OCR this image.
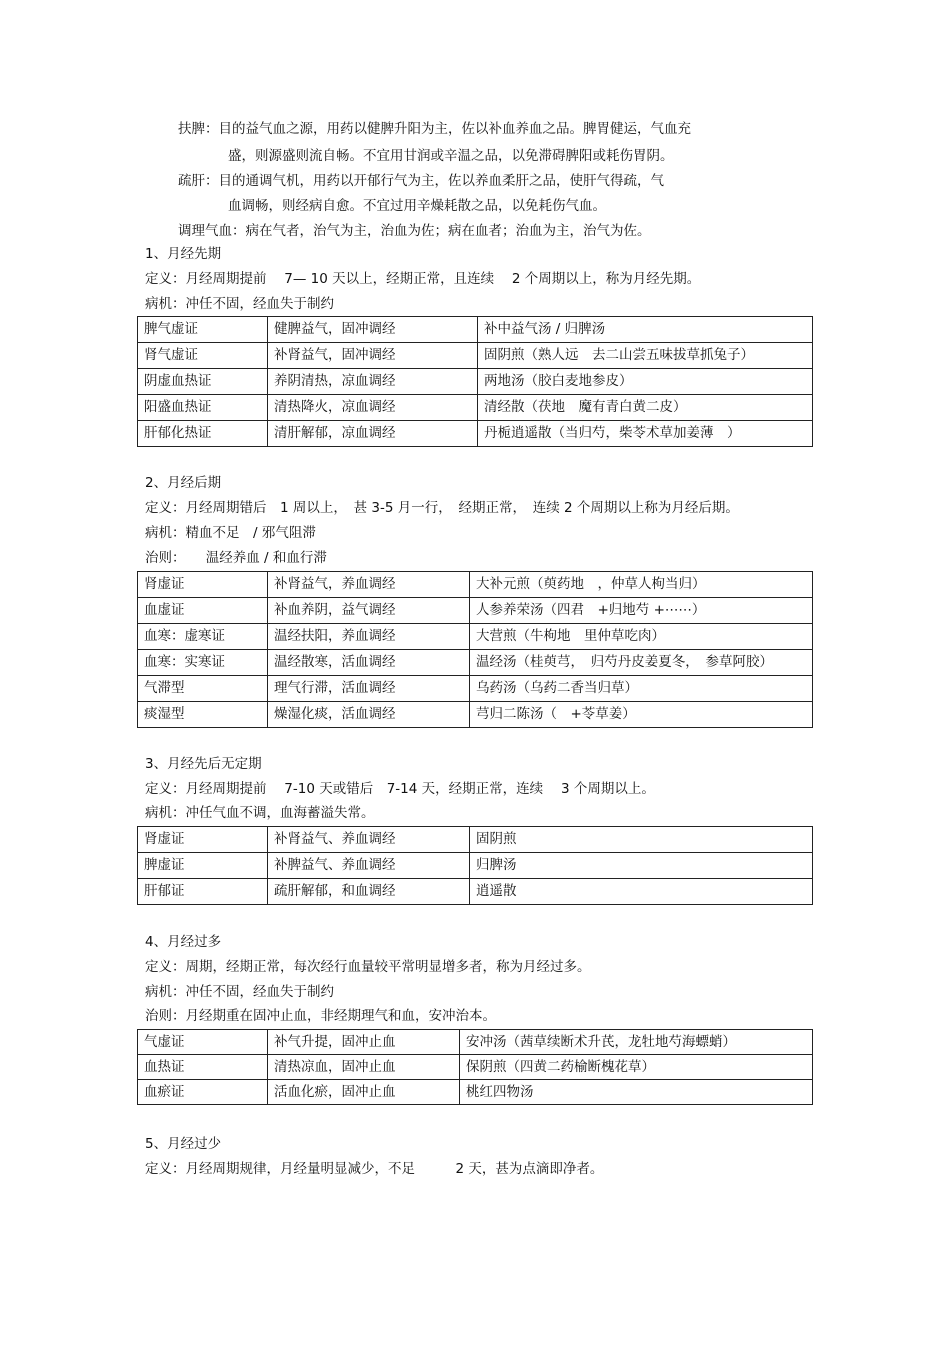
扶脾：目的益气血之源，用药以健脾升阳为主，佐以补血养血之品。脾胃健运，气血充
盛，则源盛则流自畅。不宜用甘润或辛温之品，以免滞碍脾阳或耗伤胃阴。
疏肝：目的通调气机，用药以开郁行气为主，佐以养血柔肝之品，使肝气得疏，气
血调畅，则经病自愈。不宜过用辛燥耗散之品，以免耗伤气血。
调理气血：病在气者，治气为主，治血为佐；病在血者；治血为主，治气为佐。
1、月经先期
定义：月经周期提前　 7— 10 天以上，经期正常，且连续　 2 个周期以上，称为月经先期。
病机：冲任不固，经血失于制约
脾气虚证	健脾益气，固冲调经	补中益气汤 / 归脾汤
肾气虚证	补肾益气，固冲调经	固阴煎（熟人远　去二山尝五味拔草抓兔子）
阴虚血热证	养阴清热，凉血调经	两地汤（胶白麦地参皮）
阳盛血热证	清热降火，凉血调经	清经散（茯地　魔有青白黄二皮）
肝郁化热证	清肝解郁，凉血调经	丹栀逍遥散（当归芍，柴苓术草加姜薄　）
2、月经后期
定义：月经周期错后　1 周以上，　甚 3-5 月一行，　经期正常，　连续 2 个周期以上称为月经后期。
病机：精血不足　/ 邪气阻滞
治则：　　温经养血 / 和血行滞
肾虚证	补肾益气，养血调经	大补元煎（萸药地　，仲草人枸当归）
血虚证	补血养阴，益气调经	人参养荣汤（四君　+归地芍 +⋯⋯）
血寒：虚寒证	温经扶阳，养血调经	大营煎（牛枸地　里仲草吃肉）
血寒：实寒证	温经散寒，活血调经	温经汤（桂萸芎，　归芍丹皮姜夏冬，　参草阿胶）
气滞型	理气行滞，活血调经	乌药汤（乌药二香当归草）
痰湿型	燥湿化痰，活血调经	芎归二陈汤（　+苓草姜）
3、月经先后无定期
定义：月经周期提前　 7-10 天或错后　7-14 天，经期正常，连续　 3 个周期以上。
病机：冲任气血不调，血海蓄溢失常。
肾虚证	补肾益气、养血调经	固阴煎
脾虚证	补脾益气、养血调经	归脾汤
肝郁证	疏肝解郁，和血调经	逍遥散
4、月经过多
定义：周期，经期正常，每次经行血量较平常明显增多者，称为月经过多。
病机：冲任不固，经血失于制约
治则：月经期重在固冲止血，非经期理气和血，安冲治本。
气虚证	补气升提，固冲止血	安冲汤（茜草续断术升芪，龙牡地芍海螵蛸）
血热证	清热凉血，固冲止血	保阴煎（四黄二药榆断槐花草）
血瘀证	活血化瘀，固冲止血	桃红四物汤
5、月经过少
定义：月经周期规律，月经量明显减少，不足　　　2 天，甚为点滴即净者。
